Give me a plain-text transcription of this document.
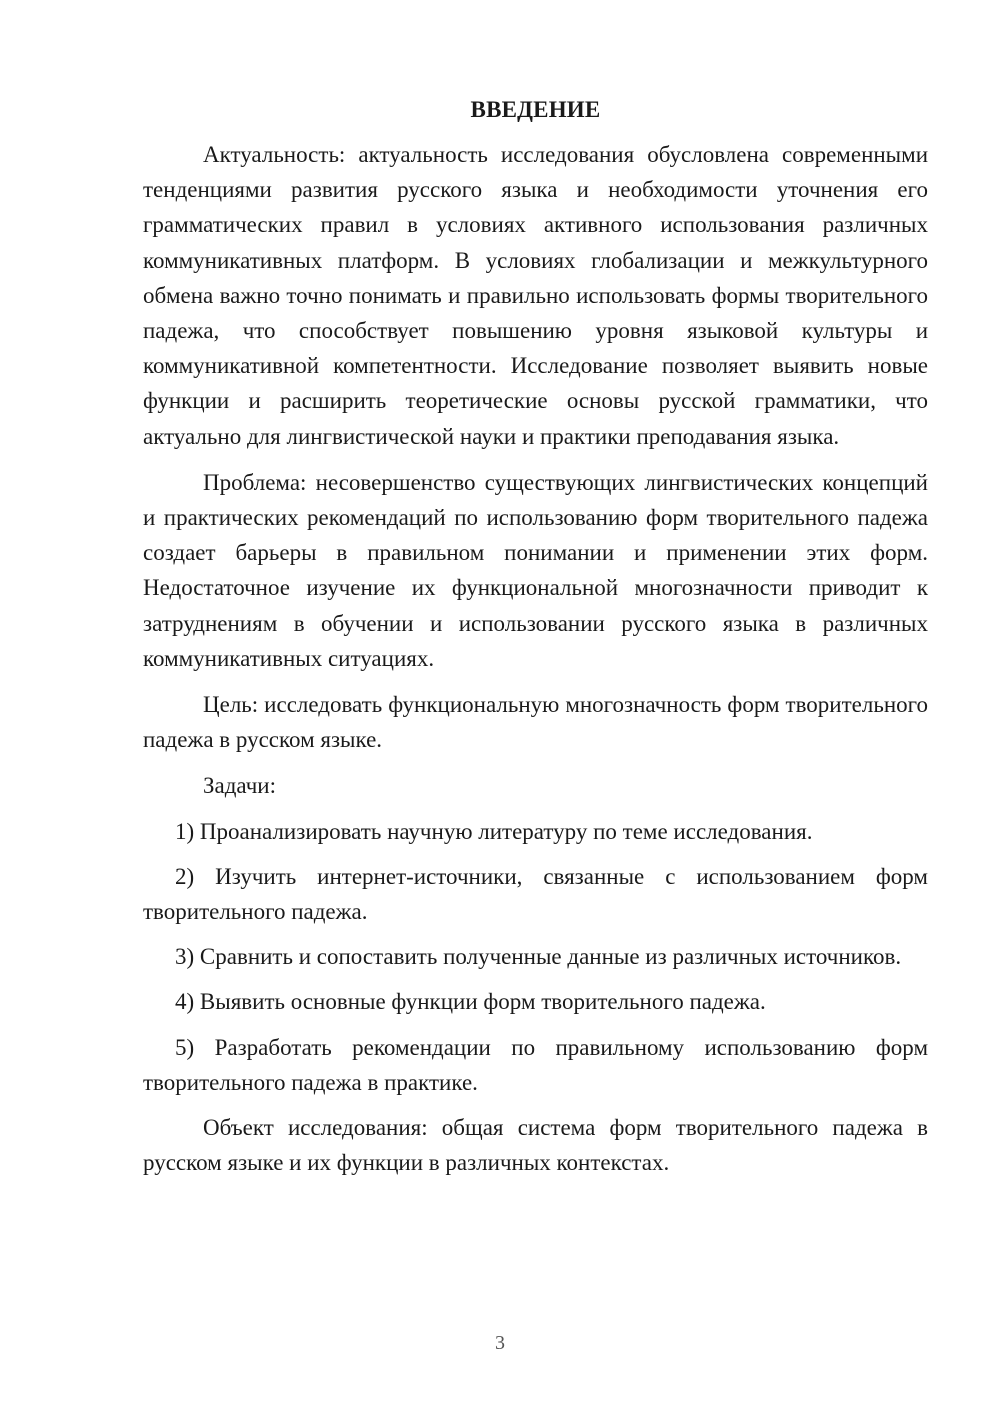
ВВЕДЕНИЕ

Актуальность: актуальность исследования обусловлена современными тенденциями развития русского языка и необходимости уточнения его грамматических правил в условиях активного использования различных коммуникативных платформ. В условиях глобализации и межкультурного обмена важно точно понимать и правильно использовать формы творительного падежа, что способствует повышению уровня языковой культуры и коммуникативной компетентности. Исследование позволяет выявить новые функции и расширить теоретические основы русской грамматики, что актуально для лингвистической науки и практики преподавания языка.

Проблема: несовершенство существующих лингвистических концепций и практических рекомендаций по использованию форм творительного падежа создает барьеры в правильном понимании и применении этих форм. Недостаточное изучение их функциональной многозначности приводит к затруднениям в обучении и использовании русского языка в различных коммуникативных ситуациях.

Цель: исследовать функциональную многозначность форм творительного падежа в русском языке.

Задачи:

1) Проанализировать научную литературу по теме исследования.

2) Изучить интернет-источники, связанные с использованием форм творительного падежа.

3) Сравнить и сопоставить полученные данные из различных источников.

4) Выявить основные функции форм творительного падежа.

5) Разработать рекомендации по правильному использованию форм творительного падежа в практике.

Объект исследования: общая система форм творительного падежа в русском языке и их функции в различных контекстах.

3
